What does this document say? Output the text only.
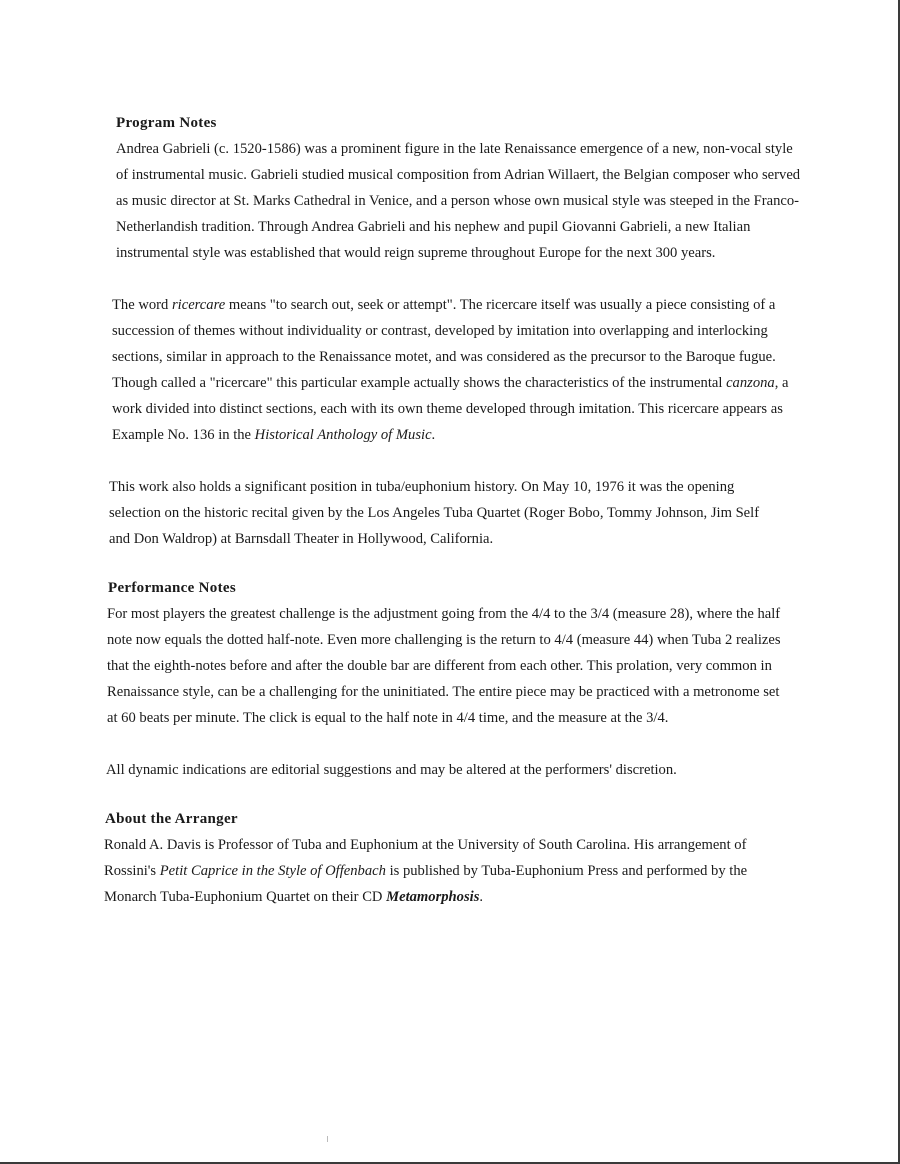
Program Notes

Andrea Gabrieli (c. 1520-1586) was a prominent figure in the late Renaissance emergence of a new, non-vocal style of instrumental music. Gabrieli studied musical composition from Adrian Willaert, the Belgian composer who served as music director at St. Marks Cathedral in Venice, and a person whose own musical style was steeped in the Franco-Netherlandish tradition. Through Andrea Gabrieli and his nephew and pupil Giovanni Gabrieli, a new Italian instrumental style was established that would reign supreme throughout Europe for the next 300 years.

The word ricercare means "to search out, seek or attempt". The ricercare itself was usually a piece consisting of a succession of themes without individuality or contrast, developed by imitation into overlapping and interlocking sections, similar in approach to the Renaissance motet, and was considered as the precursor to the Baroque fugue. Though called a "ricercare" this particular example actually shows the characteristics of the instrumental canzona, a work divided into distinct sections, each with its own theme developed through imitation. This ricercare appears as Example No. 136 in the Historical Anthology of Music.

This work also holds a significant position in tuba/euphonium history. On May 10, 1976 it was the opening selection on the historic recital given by the Los Angeles Tuba Quartet (Roger Bobo, Tommy Johnson, Jim Self and Don Waldrop) at Barnsdall Theater in Hollywood, California.

Performance Notes

For most players the greatest challenge is the adjustment going from the 4/4 to the 3/4 (measure 28), where the half note now equals the dotted half-note. Even more challenging is the return to 4/4 (measure 44) when Tuba 2 realizes that the eighth-notes before and after the double bar are different from each other. This prolation, very common in Renaissance style, can be a challenging for the uninitiated. The entire piece may be practiced with a metronome set at 60 beats per minute. The click is equal to the half note in 4/4 time, and the measure at the 3/4.

All dynamic indications are editorial suggestions and may be altered at the performers' discretion.

About the Arranger

Ronald A. Davis is Professor of Tuba and Euphonium at the University of South Carolina. His arrangement of Rossini's Petit Caprice in the Style of Offenbach is published by Tuba-Euphonium Press and performed by the Monarch Tuba-Euphonium Quartet on their CD Metamorphosis.
